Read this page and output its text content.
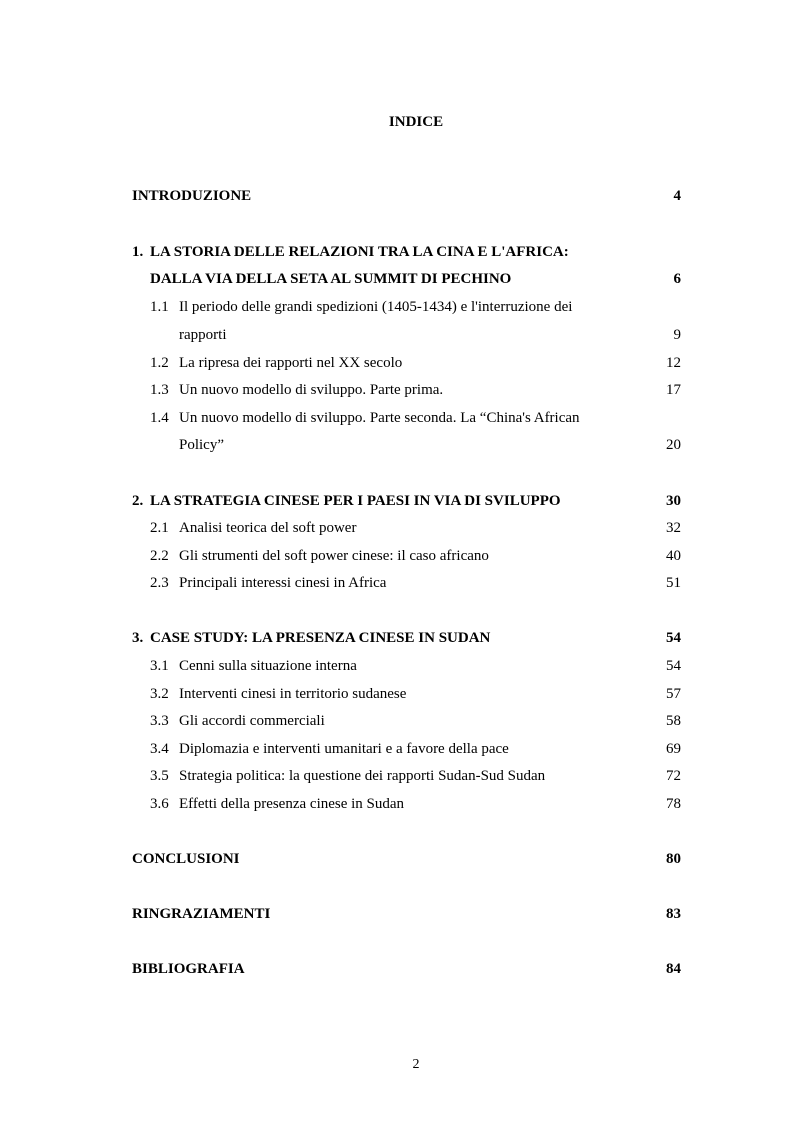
INDICE
INTRODUZIONE	4
1. LA STORIA DELLE RELAZIONI TRA LA CINA E L'AFRICA:
DALLA VIA DELLA SETA AL SUMMIT DI PECHINO	6
1.1 Il periodo delle grandi spedizioni (1405-1434) e l'interruzione dei
rapporti	9
1.2 La ripresa dei rapporti nel XX secolo	12
1.3 Un nuovo modello di sviluppo. Parte prima.	17
1.4 Un nuovo modello di sviluppo. Parte seconda. La “China's African
Policy”	20
2. LA STRATEGIA CINESE PER I PAESI IN VIA DI SVILUPPO	30
2.1 Analisi teorica del soft power	32
2.2 Gli strumenti del soft power cinese: il caso africano	40
2.3 Principali interessi cinesi in Africa	51
3. CASE STUDY: LA PRESENZA CINESE IN SUDAN	54
3.1 Cenni sulla situazione interna	54
3.2 Interventi cinesi in territorio sudanese	57
3.3 Gli accordi commerciali	58
3.4 Diplomazia e interventi umanitari e a favore della pace	69
3.5 Strategia politica: la questione dei rapporti Sudan-Sud Sudan	72
3.6 Effetti della presenza cinese in Sudan	78
CONCLUSIONI	80
RINGRAZIAMENTI	83
BIBLIOGRAFIA	84
2
